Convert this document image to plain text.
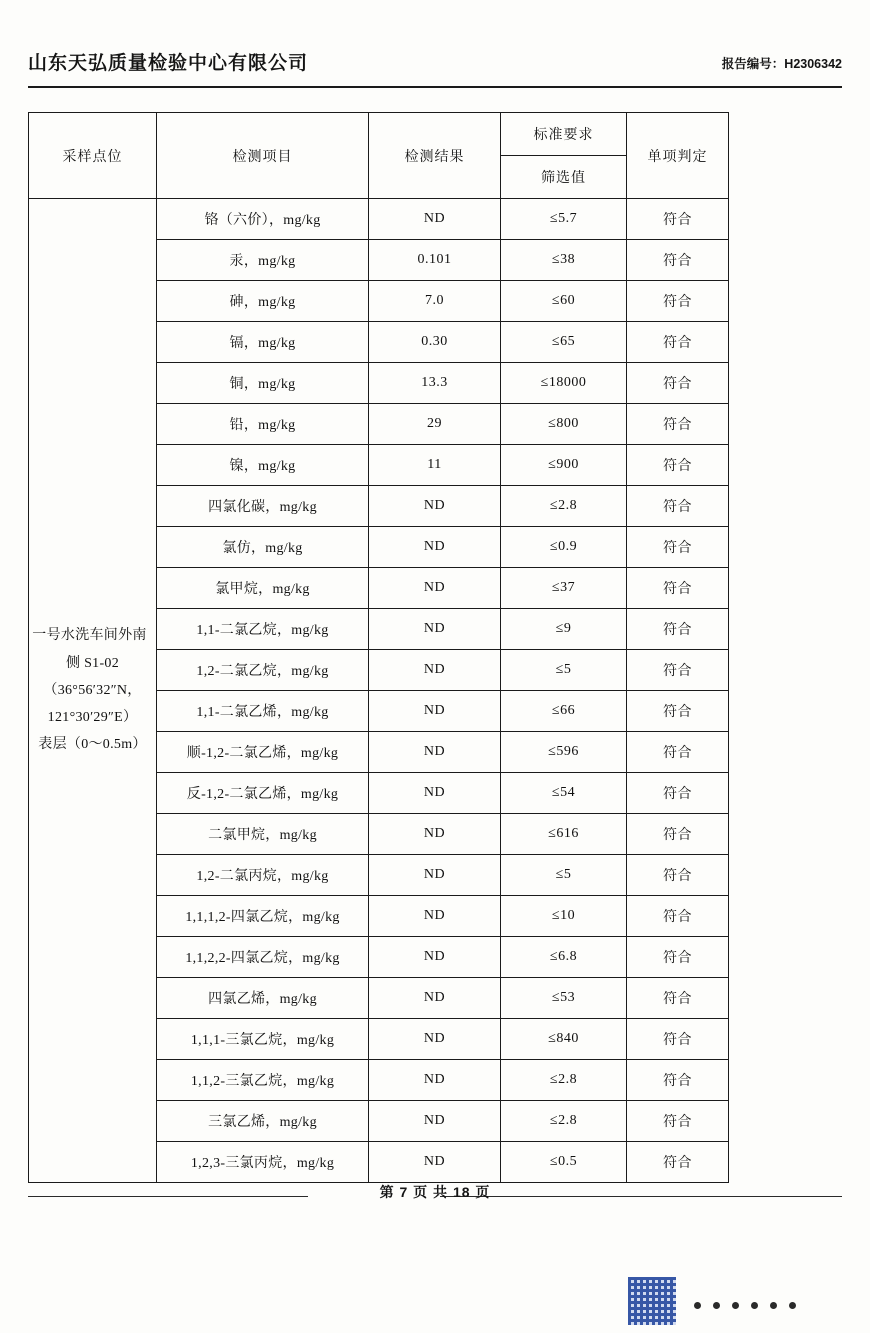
山东天弘质量检验中心有限公司	报告编号：H2306342
采样点位	检测项目	检测结果	标准要求	单项判定
			筛选值	

一号水洗车间外南
侧 S1-02
（36°56′32″N，
121°30′29″E）
表层（0～0.5m）	铬（六价），mg/kg	ND	≤5.7	符合
	汞，mg/kg	0.101	≤38	符合
	砷，mg/kg	7.0	≤60	符合
	镉，mg/kg	0.30	≤65	符合
	铜，mg/kg	13.3	≤18000	符合
	铅，mg/kg	29	≤800	符合
	镍，mg/kg	11	≤900	符合
	四氯化碳，mg/kg	ND	≤2.8	符合
	氯仿，mg/kg	ND	≤0.9	符合
	氯甲烷，mg/kg	ND	≤37	符合
	1,1-二氯乙烷，mg/kg	ND	≤9	符合
	1,2-二氯乙烷，mg/kg	ND	≤5	符合
	1,1-二氯乙烯，mg/kg	ND	≤66	符合
	顺-1,2-二氯乙烯，mg/kg	ND	≤596	符合
	反-1,2-二氯乙烯，mg/kg	ND	≤54	符合
	二氯甲烷，mg/kg	ND	≤616	符合
	1,2-二氯丙烷，mg/kg	ND	≤5	符合
	1,1,1,2-四氯乙烷，mg/kg	ND	≤10	符合
	1,1,2,2-四氯乙烷，mg/kg	ND	≤6.8	符合
	四氯乙烯，mg/kg	ND	≤53	符合
	1,1,1-三氯乙烷，mg/kg	ND	≤840	符合
	1,1,2-三氯乙烷，mg/kg	ND	≤2.8	符合
	三氯乙烯，mg/kg	ND	≤2.8	符合
	1,2,3-三氯丙烷，mg/kg	ND	≤0.5	符合
第 7 页 共 18 页
